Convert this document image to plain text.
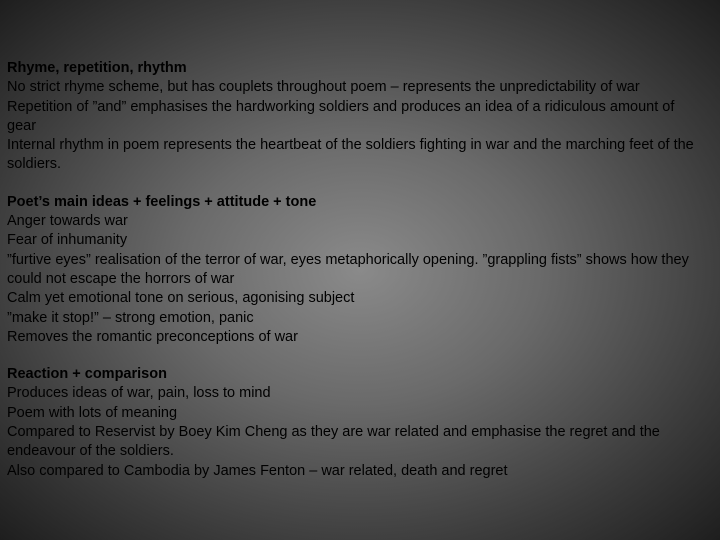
Rhyme, repetition, rhythm

No strict rhyme scheme, but has couplets throughout poem – represents the unpredictability of war

Repetition of ”and” emphasises the hardworking soldiers and produces an idea of a ridiculous amount of gear

Internal rhythm in poem represents the heartbeat of the soldiers fighting in war and the marching feet of the soldiers.

Poet’s main ideas + feelings + attitude + tone

Anger towards war

Fear of inhumanity

”furtive eyes” realisation of the terror of war, eyes metaphorically opening. ”grappling fists” shows how they could not escape the horrors of war

Calm yet emotional tone on serious, agonising subject

”make it stop!” – strong emotion, panic

Removes the romantic preconceptions of war

Reaction + comparison

Produces ideas of war, pain, loss to mind

Poem with lots of meaning

Compared to Reservist by Boey Kim Cheng as they are war related and emphasise the regret and the endeavour of the soldiers.

Also compared to Cambodia by James Fenton – war related, death and regret
